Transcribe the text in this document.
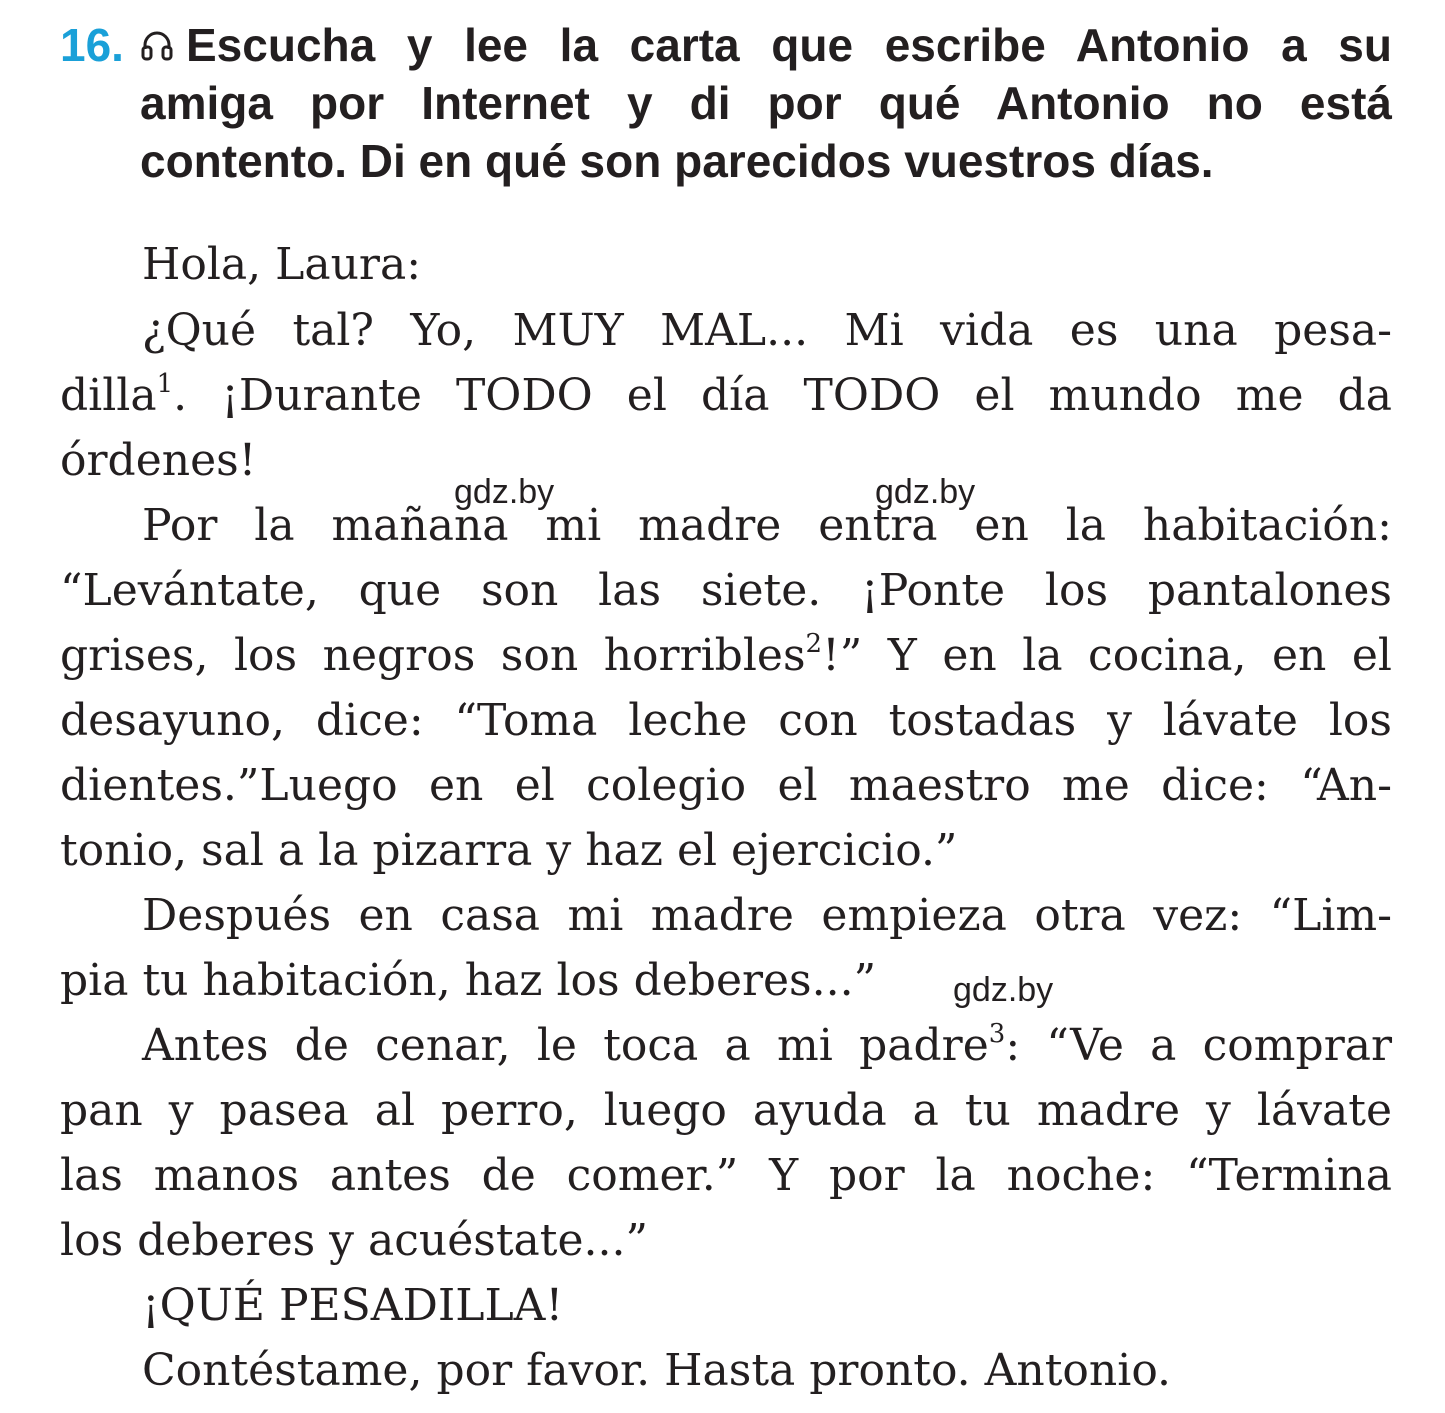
16.	Escucha y lee la carta que escribe Antonio a su
amiga por Internet y di por qué Antonio no está
contento. Di en qué son parecidos vuestros días.
Hola, Laura:
¿Qué tal? Yo, MUY MAL... Mi vida es una pesa-
dilla$^1$. ¡Durante TODO el día TODO el mundo me da
órdenes!
Por la mañana mi madre entra en la habitación:
“Levántate, que son las siete. ¡Ponte los pantalones
grises, los negros son horribles$^2$!” Y en la cocina, en el
desayuno, dice: “Toma leche con tostadas y lávate los
dientes.”Luego en el colegio el maestro me dice: “An-
tonio, sal a la pizarra y haz el ejercicio.”
Después en casa mi madre empieza otra vez: “Lim-
pia tu habitación, haz los deberes...”
Antes de cenar, le toca a mi padre$^3$: “Ve a comprar
pan y pasea al perro, luego ayuda a tu madre y lávate
las manos antes de comer.” Y por la noche: “Termina
los deberes y acuéstate...”
¡QUÉ PESADILLA!
Contéstame, por favor. Hasta pronto. Antonio.
gdz.by	gdz.by
gdz.by
